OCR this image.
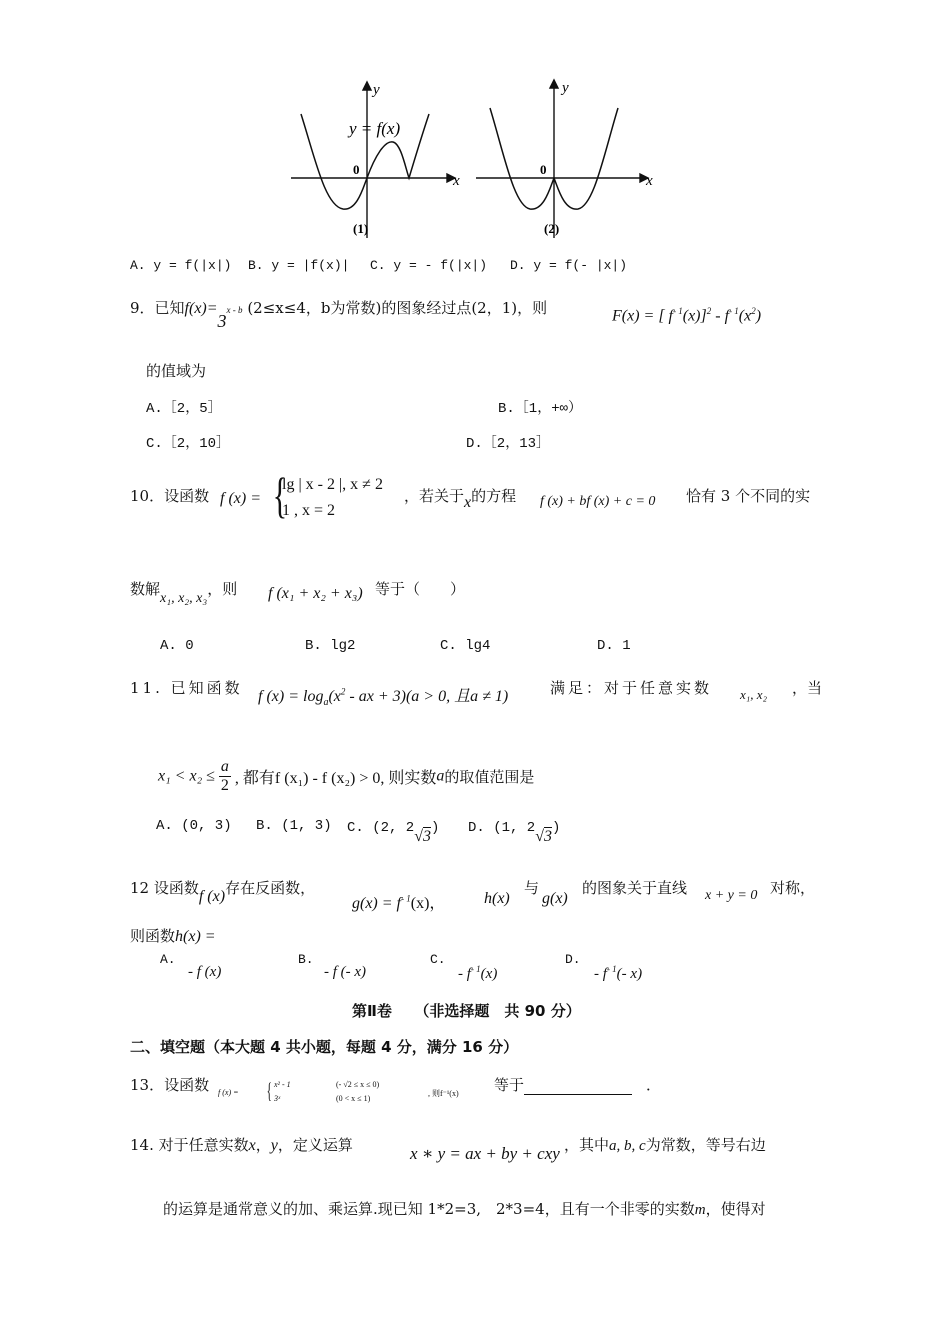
y
x
0
y = f(x)
(1)
y
x
0
(2)
A. y = f(|x|) B. y = |f(x)| C. y = - f(|x|) D. y = f(- |x|)
9．已知$f(x)=3^{x - b}$ (2≤x≤4，b为常数)的图象经过点(2，1)，则	F(x) = [ $f^{- 1}(x)]^2 - f^{- 1}(x^2)$
的值域为
A.［2，5］	B.［1，+∞）
C.［2，10］	D.［2，13］
10．设函数 f (x) = {
lg | x - 2 |, x ≠ 2
1 , x = 2
，若关于x的方程 f (x) + bf (x) + c = 0 恰有 3 个不同的实
数解x₁, x₂, x₃，则 f (x₁ + x₂ + x₃) 等于（　　）
A. 0	B. lg2	C. lg4	D. 1
11. 已知函数 f $(x) = \log_a(x^2$ - ax + 3)(a > 0, 且a ≠ 1)	满足：对于任意实数 x₁, x₂ ，当
$x_1 < x_2 \le \frac{a}{2}$ , 都有f (x₁) - f (x₂) > 0, 则实数a的取值范围是
A. (0, 3) B. (1, 3) C. (2, 2√3) D. (1, 2√3)
12 设函数f (x)存在反函数，
$g(x) = f^{- 1}(x)$， h(x)
与
g(x)
的图象关于直线 x + y = 0 对称，
则函数h(x) =
A.
- f (x)
B.
- f (- x)
C.
- $f^{- 1}(x)$
D.
- $f^{- 1}(-$ x)
第Ⅱ卷　　（非选择题　共 90 分）
二、填空题（本大题 4 共小题，每题 4 分，满分 16 分）
13．设函数 f (x) = { x² - 1	(- √2 ≤ x ≤ 0)
3ˣ	(0 < x ≤ 1)
, 则f⁻¹(x) 等于	．
14. 对于任意实数x，y，定义运算	x ∗ y = ax + by + cxy ，其中a, b, c为常数，等号右边
的运算是通常意义的加、乘运算.现已知 1*2=3,　2*3=4，且有一个非零的实数m，使得对
